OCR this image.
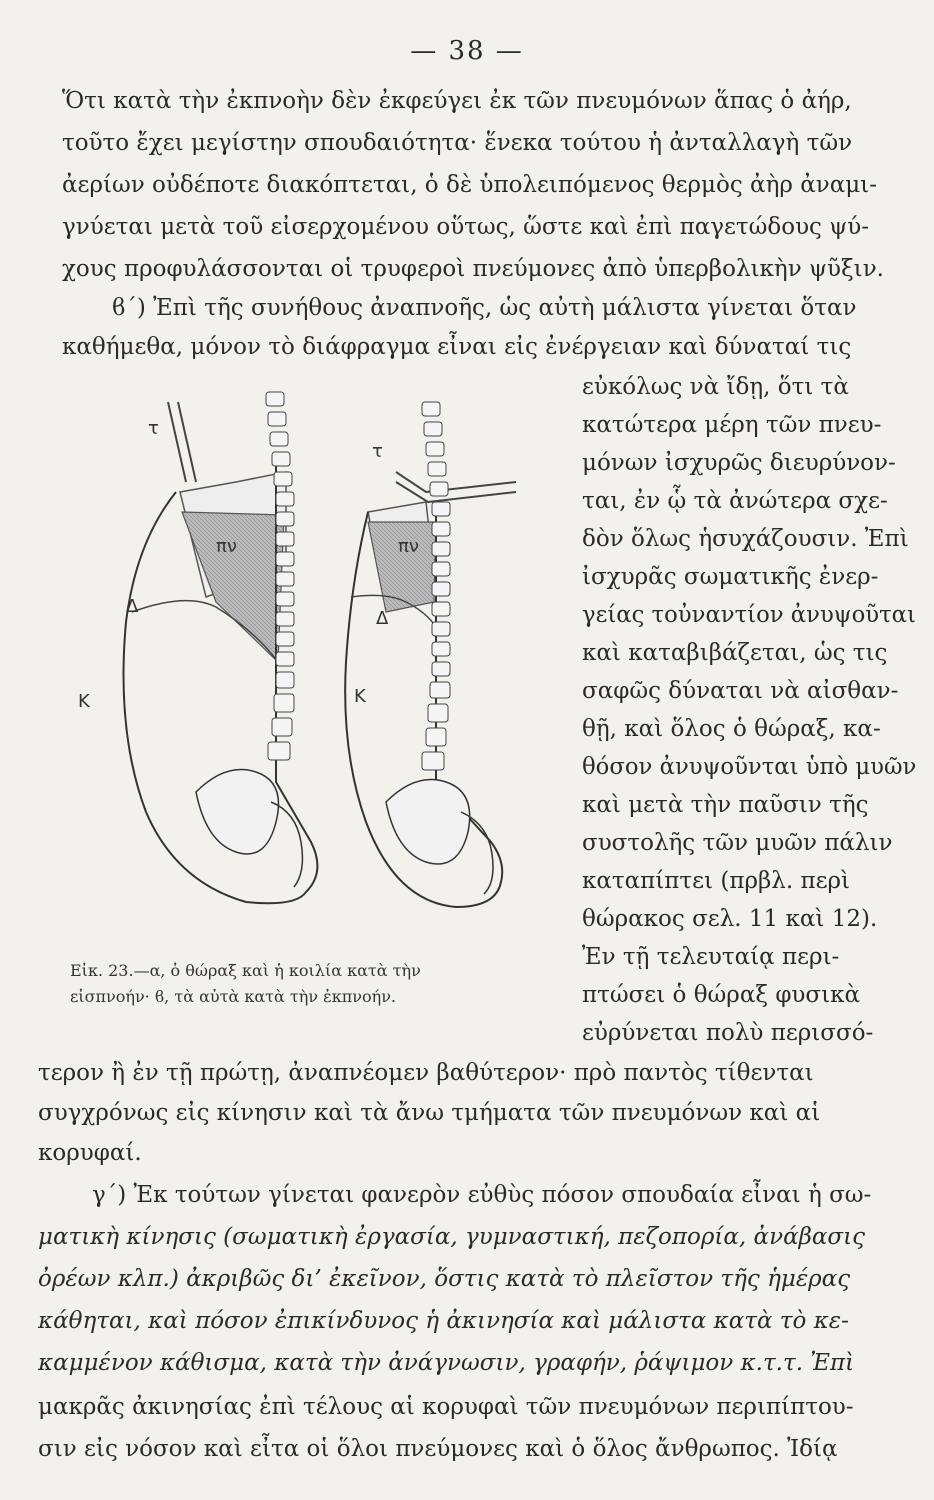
— 38 —
Ὅτι κατὰ τὴν ἐκπνοὴν δὲν ἐκφεύγει ἐκ τῶν πνευμόνων ἅπας ὁ ἀήρ,
τοῦτο ἔχει μεγίστην σπουδαιότητα· ἕνεκα τούτου ἡ ἀνταλλαγὴ τῶν
ἀερίων οὐδέποτε διακόπτεται, ὁ δὲ ὑπολειπόμενος θερμὸς ἀὴρ ἀναμι-
γνύεται μετὰ τοῦ εἰσερχομένου οὕτως, ὥστε καὶ ἐπὶ παγετώδους ψύ-
χους προφυλάσσονται οἱ τρυφεροὶ πνεύμονες ἀπὸ ὑπερβολικὴν ψῦξιν.
ϐ΄) Ἐπὶ τῆς συνήθους ἀναπνοῆς, ὡς αὐτὴ μάλιστα γίνεται ὅταν
καθήμεθα, μόνον τὸ διάφραγμα εἶναι εἰς ἐνέργειαν καὶ δύναταί τις
τ
πν
Δ
Κ
τ
πν
Δ
Κ
Εἰκ. 23.—α, ὁ θώραξ καὶ ἡ κοιλία κατὰ τὴν
εἰσπνοήν· ϐ, τὰ αὐτὰ κατὰ τὴν ἐκπνοήν.
εὐκόλως νὰ ἴδῃ, ὅτι τὰ
κατώτερα μέρη τῶν πνευ-
μόνων ἰσχυρῶς διευρύνον-
ται, ἐν ᾧ τὰ ἀνώτερα σχε-
δὸν ὅλως ἡσυχάζουσιν. Ἐπὶ
ἰσχυρᾶς σωματικῆς ἐνερ-
γείας τοὐναντίον ἀνυψοῦται
καὶ καταβιβάζεται, ὡς τις
σαφῶς δύναται νὰ αἰσθαν-
θῇ, καὶ ὅλος ὁ θώραξ, κα-
θόσον ἀνυψοῦνται ὑπὸ μυῶν
καὶ μετὰ τὴν παῦσιν τῆς
συστολῆς τῶν μυῶν πάλιν
καταπίπτει (πρβλ. περὶ
θώρακος σελ. 11 καὶ 12).
Ἐν τῇ τελευταίᾳ περι-
πτώσει ὁ θώραξ φυσικὰ
εὐρύνεται πολὺ περισσό-
τερον ἢ ἐν τῇ πρώτῃ, ἀναπνέομεν βαθύτερον· πρὸ παντὸς τίθενται
συγχρόνως εἰς κίνησιν καὶ τὰ ἄνω τμήματα τῶν πνευμόνων καὶ αἱ
κορυφαί.
γ΄) Ἐκ τούτων γίνεται φανερὸν εὐθὺς πόσον σπουδαία εἶναι ἡ σω-
ματικὴ κίνησις (σωματικὴ ἐργασία, γυμναστική, πεζοπορία, ἀνάβασις
ὀρέων κλπ.) ἀκριβῶς δι’ ἐκεῖνον, ὅστις κατὰ τὸ πλεῖστον τῆς ἡμέρας
κάθηται, καὶ πόσον ἐπικίνδυνος ἡ ἀκινησία καὶ μάλιστα κατὰ τὸ κε-
καμμένον κάθισμα, κατὰ τὴν ἀνάγνωσιν, γραφήν, ῥάψιμον κ.τ.τ. Ἐπὶ
μακρᾶς ἀκινησίας ἐπὶ τέλους αἱ κορυφαὶ τῶν πνευμόνων περιπίπτου-
σιν εἰς νόσον καὶ εἶτα οἱ ὅλοι πνεύμονες καὶ ὁ ὅλος ἄνθρωπος. Ἰδίᾳ
